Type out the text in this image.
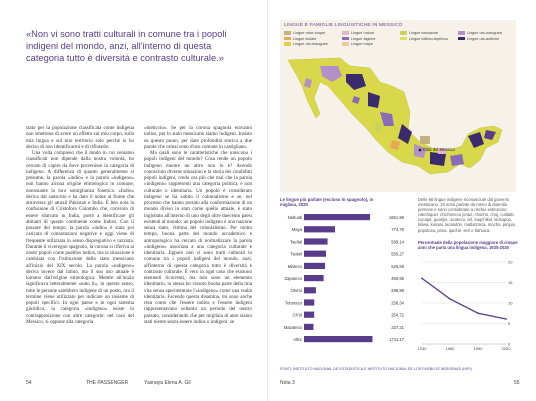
«Non vi sono tratti culturali in comune tra i popoli indigeni del mondo, anzi, all'interno di questa categoria tutto è diversità e contrasto culturale.»

stato per la popolazione classificata come indigena non smettono di avere un effetto sul mio corpo, sulla mia lingua e sul mio territorio solo perché io ho deciso di non identificarmi e di rifiutarle.

Una volta compreso che il modo in cui veniamo classificati non dipende dalla nostra volontà, ho cercato di capire da dove provenisse la categoria di indigeno. A differenza di quanto generalmente si presume, la parola «indio» e la parola «indigeno» non hanno alcuna origine etimologica in comune, nonostante la loro somiglianza fonetica. «Indio» deriva dal sanscrito e ha dato il nome al fiume che attraversa gli attuali Pakistan e India. È ben nota la confusione di Cristoforo Colombo che, convinto di essere sbarcato in India, portò a identificare gli abitanti di questo continente come Indios. Con il passare del tempo, la parola «indio» è stata poi caricata di connotazioni negative e oggi viene di frequente utilizzata in senso dispregiativo e razzista. Durante il viceregno spagnolo, la corona si riferiva ai nostri popoli come pueblos indios, ma la situazione è cambiata con l'istituzione dello stato messicano all'inizio del XIX secolo. La parola «indigeno» deriva invece dal latino, ma il suo uso attuale è lontano dall'origine etimologica. Mentre all'inizio significava letteralmente «nato lì», in questo senso, tutte le persone sarebbero indigene di un posto, ora il termine viene utilizzato per indicare un insieme di popoli specifici. In ogni paese e in ogni sistema giuridico, la categoria «indigeno» esiste in contrapposizione con altre categorie: nel caso del Messico, si oppone alla categoria

«meticcio». Se per la corona spagnola eravamo indios, per lo stato messicano siamo indigeni. Insisto su questo punto, per dare profondità storica a due parole che ormai sono d'uso comune in castigliano.

Ma quali sono le caratteristiche che uniscono i popoli indigeni del mondo? Cosa rende un popolo indigeno mentre un altro non lo è? Avendo conosciuto diverse situazioni e la storia dei condiditti popoli indigeni, credo ora più che mai che la parola «indigeno» rappresenti una categoria politica, e non culturale o identitaria. Un popolo è considerato indigeno se ha subito il colonialismo e se, nel processo che hanno portato alla conformazione di un mondo diviso in stati come quello attuale, è stato inglobato all'interno di uno degli oltre duecento paesi esistenti al mondo: un popolo indigeno è una nazione senza stato, vittima del colonialismo. Per molto tempo, buona parte del mondo accademico e antropologico ha cercato di normalizzare la parola «indigeno» associata a una categoria culturale e identitaria. Eppure non vi sono tratti culturali in comune tra i popoli indigeni del mondo, anzi, all'interno di questa categoria tutto è diversità e contrasto culturale. È vero in ogni caso che esistono elementi ricorrenti, ma non sono un elemento identitario, io stessa ho vissuto buona parte della mia vita senza sperimentare l'«indigeno» come una realtà identitaria. Facendo questa disamina, mi sono anche resa conto che l'essere indios e l'essere indigeni rappresentavano soltanto un periodo del nostro passato, considerando che per migliaia di anni siamo stati niente senza essere indios o indigeni: se

54	THE PASSENGER	Yasnaya Elena A. Gil
LINGUE E FAMIGLIE LINGUISTICHE IN MESSICO
Lingue mixe-zoque	Lingue hokan	Lingue totonache	Lingue oto-manguea
Lingue isolate	Lingue algiche	Lingue tolteco-tepehua	Lingue uto-aztèche
Lingue oto-manguee	Lingue maya
Città del Messico
Le lingue più parlate (escluso lo spagnolo), in migliaia, 2020
Nahuatl	1651,96
Maya	774,76
Tseltal	589,14
Tsotsil	550,27
Mixteco	526,59
Zapoteco	490,85
Otomí	298,86
Totonaco	256,34
Ch'ol	254,72
Mazateco	237,21
Altre	1711,17
Delle 68 lingue indigene riconosciute dal governo messicano, 23 sono parlate da meno di duemila persone e sono considerate a rischio estinzione: cakchiquel, chichimeco jonaz, chocho, chuj, cuitlatk, cucapá, guarijio, ixcateco, ixil, kaqchikel, kickapoo, kiliwa, kumiai, lacandón, matlatzinca, mocho, pa'ipai, popoloca, pima, quiché, seri e tlahuica.
Percentuale della popolazione maggiore di cinque anni che parla una lingua indigena, 1930-2020
0
5
10
15
20
1930	1960	1990	2020
FONTI: INSTITUTO NACIONAL DE ESTADÍSTICA E INSTITUTO NACIONAL DE LOS PUEBLOS INDÍGENAS (INPI)
Nota 3	55
